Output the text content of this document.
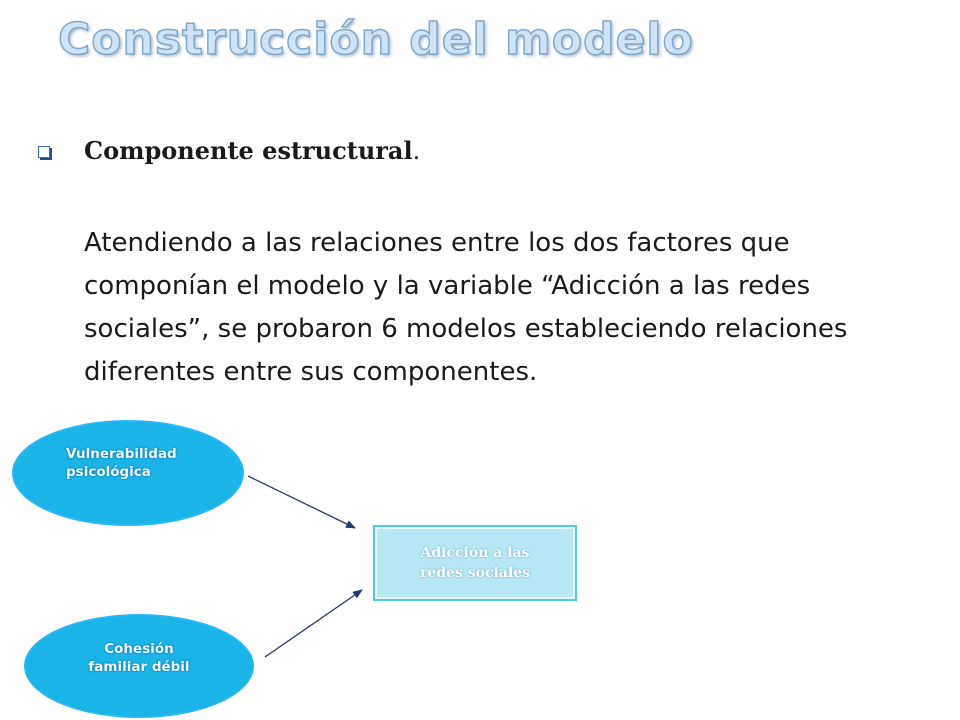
Construcción del modelo
Componente estructural.

Atendiendo a las relaciones entre los dos factores que componían el modelo y la variable “Adicción a las redes sociales”, se probaron 6 modelos estableciendo relaciones diferentes entre sus componentes.

Vulnerabilidad
psicológica
Cohesión
familiar débil
Adicción a las
redes sociales
